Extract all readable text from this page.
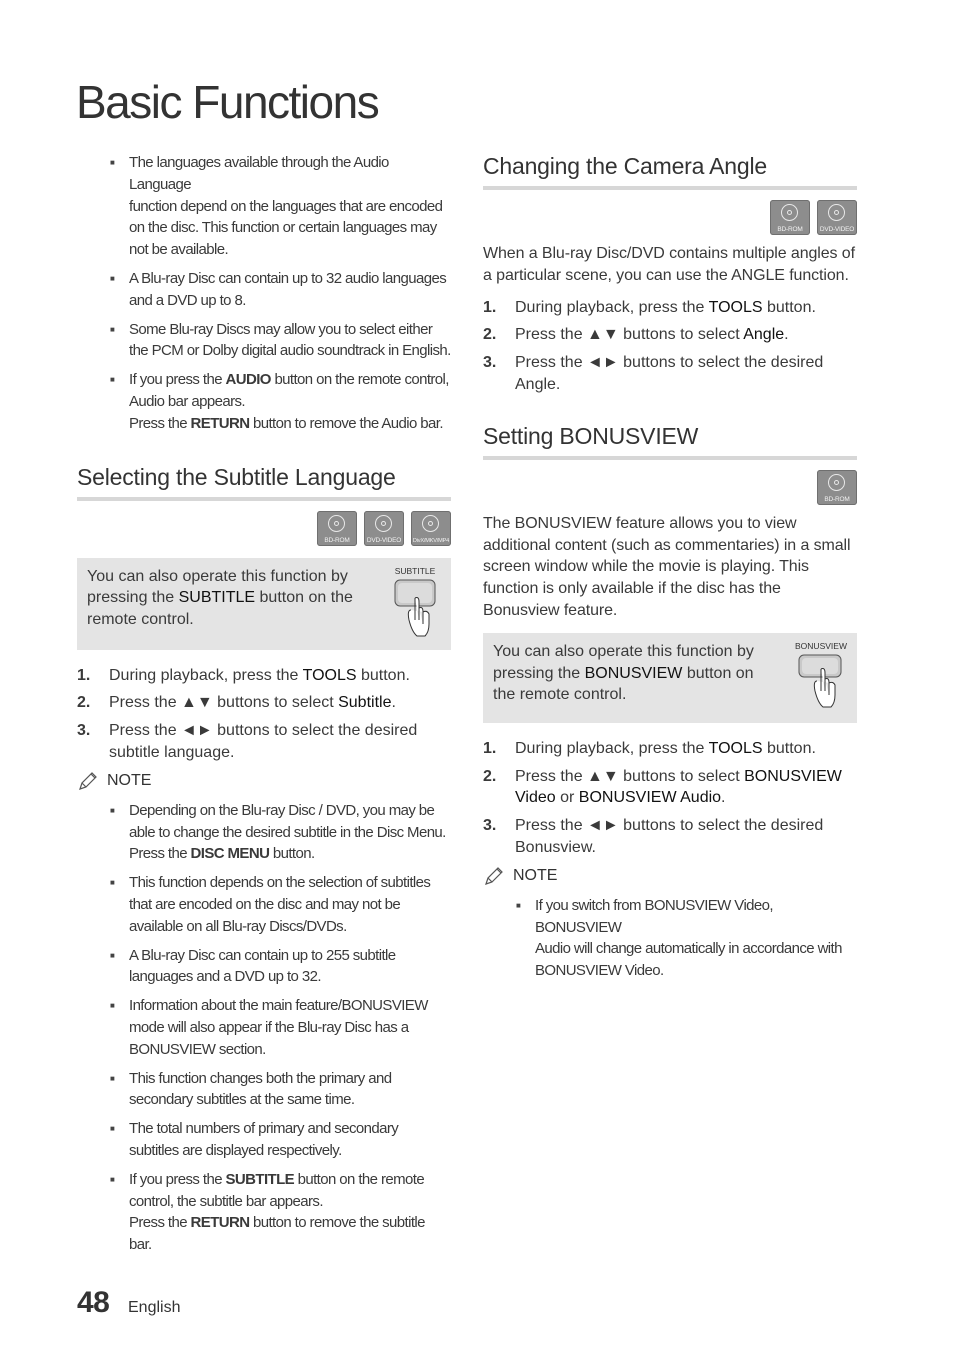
Basic Functions
■ The languages available through the Audio Language
function depend on the languages that are encoded
on the disc. This function or certain languages may
not be available.
■ A Blu-ray Disc can contain up to 32 audio languages
and a DVD up to 8.
■ Some Blu-ray Discs may allow you to select either
the PCM or Dolby digital audio soundtrack in English.
■ If you press the AUDIO button on the remote control,
Audio bar appears.
Press the RETURN button to remove the Audio bar.
Selecting the Subtitle Language
BD-ROM	DVD-VIDEO	DivX/MKV/MP4
You can also operate this function by pressing the SUBTITLE button on the remote control.
SUBTITLE
1. During playback, press the TOOLS button.
2. Press the ▲▼ buttons to select Subtitle.
3. Press the ◄► buttons to select the desired subtitle language.
NOTE
■ Depending on the Blu-ray Disc / DVD, you may be
able to change the desired subtitle in the Disc Menu.
Press the DISC MENU button.
■ This function depends on the selection of subtitles
that are encoded on the disc and may not be
available on all Blu-ray Discs/DVDs.
■ A Blu-ray Disc can contain up to 255 subtitle
languages and a DVD up to 32.
■ Information about the main feature/BONUSVIEW
mode will also appear if the Blu-ray Disc has a
BONUSVIEW section.
■ This function changes both the primary and
secondary subtitles at the same time.
■ The total numbers of primary and secondary
subtitles are displayed respectively.
■ If you press the SUBTITLE button on the remote
control, the subtitle bar appears.
Press the RETURN button to remove the subtitle bar.
Changing the Camera Angle
BD-ROM	DVD-VIDEO

When a Blu-ray Disc/DVD contains multiple angles of a particular scene, you can use the ANGLE function.

1. During playback, press the TOOLS button.
2. Press the ▲▼ buttons to select Angle.
3. Press the ◄► buttons to select the desired Angle.
Setting BONUSVIEW
BD-ROM

The BONUSVIEW feature allows you to view additional content (such as commentaries) in a small screen window while the movie is playing. This function is only available if the disc has the Bonusview feature.

You can also operate this function by pressing the BONUSVIEW button on the remote control.
BONUSVIEW
1. During playback, press the TOOLS button.
2. Press the ▲▼ buttons to select BONUSVIEW Video or BONUSVIEW Audio.
3. Press the ◄► buttons to select the desired Bonusview.
NOTE
■ If you switch from BONUSVIEW Video, BONUSVIEW
Audio will change automatically in accordance with
BONUSVIEW Video.
48 English
